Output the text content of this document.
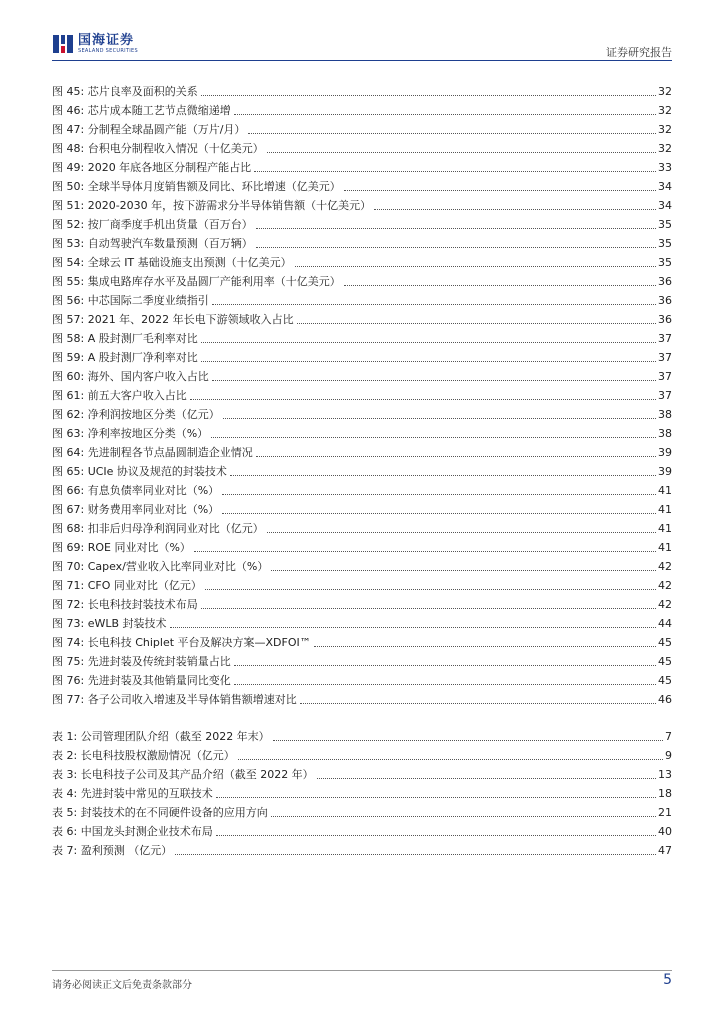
国海证券
SEALAND SECURITIES	证券研究报告
图 45: 芯片良率及面积的关系	32
图 46: 芯片成本随工艺节点微缩递增	32
图 47: 分制程全球晶圆产能（万片/月）	32
图 48: 台积电分制程收入情况（十亿美元）	32
图 49: 2020 年底各地区分制程产能占比	33
图 50: 全球半导体月度销售额及同比、环比增速（亿美元）	34
图 51: 2020-2030 年，按下游需求分半导体销售额（十亿美元）	34
图 52: 按厂商季度手机出货量（百万台）	35
图 53: 自动驾驶汽车数量预测（百万辆）	35
图 54: 全球云 IT 基础设施支出预测（十亿美元）	35
图 55: 集成电路库存水平及晶圆厂产能利用率（十亿美元）	36
图 56: 中芯国际二季度业绩指引	36
图 57: 2021 年、2022 年长电下游领域收入占比	36
图 58: A 股封测厂毛利率对比	37
图 59: A 股封测厂净利率对比	37
图 60: 海外、国内客户收入占比	37
图 61: 前五大客户收入占比	37
图 62: 净利润按地区分类（亿元）	38
图 63: 净利率按地区分类（%）	38
图 64: 先进制程各节点晶圆制造企业情况	39
图 65: UCIe 协议及规范的封装技术	39
图 66: 有息负债率同业对比（%）	41
图 67: 财务费用率同业对比（%）	41
图 68: 扣非后归母净利润同业对比（亿元）	41
图 69: ROE 同业对比（%）	41
图 70: Capex/营业收入比率同业对比（%）	42
图 71: CFO 同业对比（亿元）	42
图 72: 长电科技封装技术布局	42
图 73: eWLB 封装技术	44
图 74: 长电科技 Chiplet 平台及解决方案—XDFOI™	45
图 75: 先进封装及传统封装销量占比	45
图 76: 先进封装及其他销量同比变化	45
图 77: 各子公司收入增速及半导体销售额增速对比	46
表 1: 公司管理团队介绍（截至 2022 年末）	7
表 2: 长电科技股权激励情况（亿元）	9
表 3: 长电科技子公司及其产品介绍（截至 2022 年）	13
表 4: 先进封装中常见的互联技术	18
表 5: 封装技术的在不同硬件设备的应用方向	21
表 6: 中国龙头封测企业技术布局	40
表 7: 盈利预测 （亿元）	47
请务必阅读正文后免责条款部分	5
